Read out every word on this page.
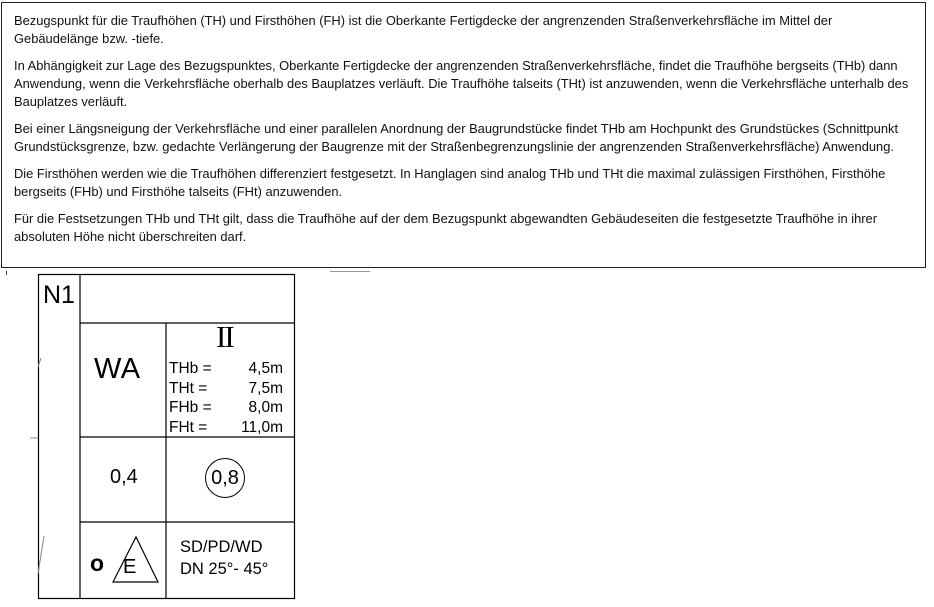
Bezugspunkt für die Traufhöhen (TH) und Firsthöhen (FH) ist die Oberkante Fertigdecke der angrenzenden Straßenverkehrsfläche im Mittel der Gebäudelänge bzw. -tiefe.

In Abhängigkeit zur Lage des Bezugspunktes, Oberkante Fertigdecke der angrenzenden Straßenverkehrsfläche, findet die Traufhöhe bergseits (THb) dann Anwendung, wenn die Verkehrsfläche oberhalb des Bauplatzes verläuft. Die Traufhöhe talseits (THt) ist anzuwenden, wenn die Verkehrsfläche unterhalb des Bauplatzes verläuft.

Bei einer Längsneigung der Verkehrsfläche und einer parallelen Anordnung der Baugrundstücke findet THb am Hochpunkt des Grundstückes (Schnittpunkt Grundstücksgrenze, bzw. gedachte Verlängerung der Baugrenze mit der Straßenbegrenzungslinie der angrenzenden Straßenverkehrsfläche) Anwendung.

Die Firsthöhen werden wie die Traufhöhen differenziert festgesetzt. In Hanglagen sind analog THb und THt die maximal zulässigen Firsthöhen, Firsthöhe bergseits (FHb) und Firsthöhe talseits (FHt) anzuwenden.

Für die Festsetzungen THb und THt gilt, dass die Traufhöhe auf der dem Bezugspunkt abgewandten Gebäudeseiten die festgesetzte Traufhöhe in ihrer absoluten Höhe nicht überschreiten darf.

N1
WA
II
THb = 4,5m
THt =	7,5m
FHb = 8,0m
FHt = 11,0m
0,4	0,8
o E
SD/PD/WD
DN 25°- 45°
